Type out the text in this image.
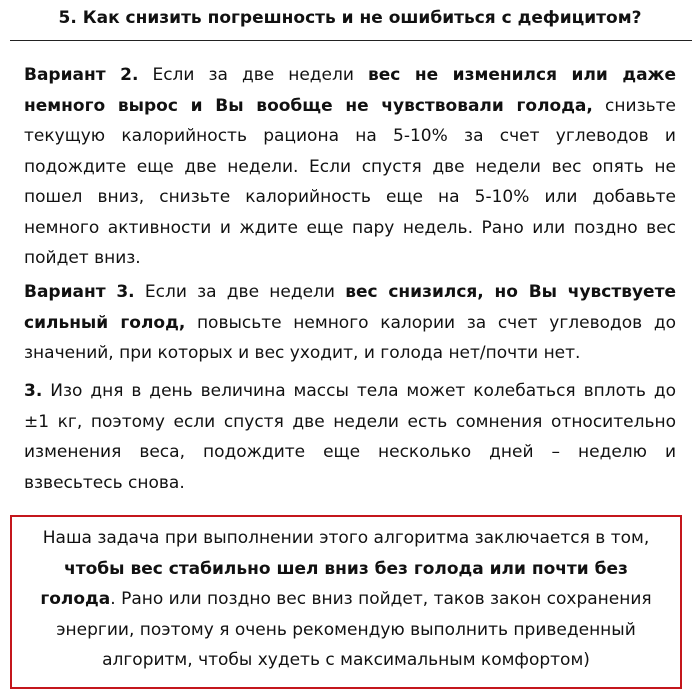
5. Как снизить погрешность и не ошибиться с дефицитом?

Вариант 2. Если за две недели вес не изменился или даже немного вырос и Вы вообще не чувствовали голода, снизьте текущую калорийность рациона на 5-10% за счет углеводов и подождите еще две недели. Если спустя две недели вес опять не пошел вниз, снизьте калорийность еще на 5-10% или добавьте немного активности и ждите еще пару недель. Рано или поздно вес пойдет вниз.

Вариант 3. Если за две недели вес снизился, но Вы чувствуете сильный голод, повысьте немного калории за счет углеводов до значений, при которых и вес уходит, и голода нет/почти нет.

3. Изо дня в день величина массы тела может колебаться вплоть до ±1 кг, поэтому если спустя две недели есть сомнения относительно изменения веса, подождите еще несколько дней – неделю и взвесьтесь снова.

Наша задача при выполнении этого алгоритма заключается в том, чтобы вес стабильно шел вниз без голода или почти без голода. Рано или поздно вес вниз пойдет, таков закон сохранения энергии, поэтому я очень рекомендую выполнить приведенный алгоритм, чтобы худеть с максимальным комфортом)
